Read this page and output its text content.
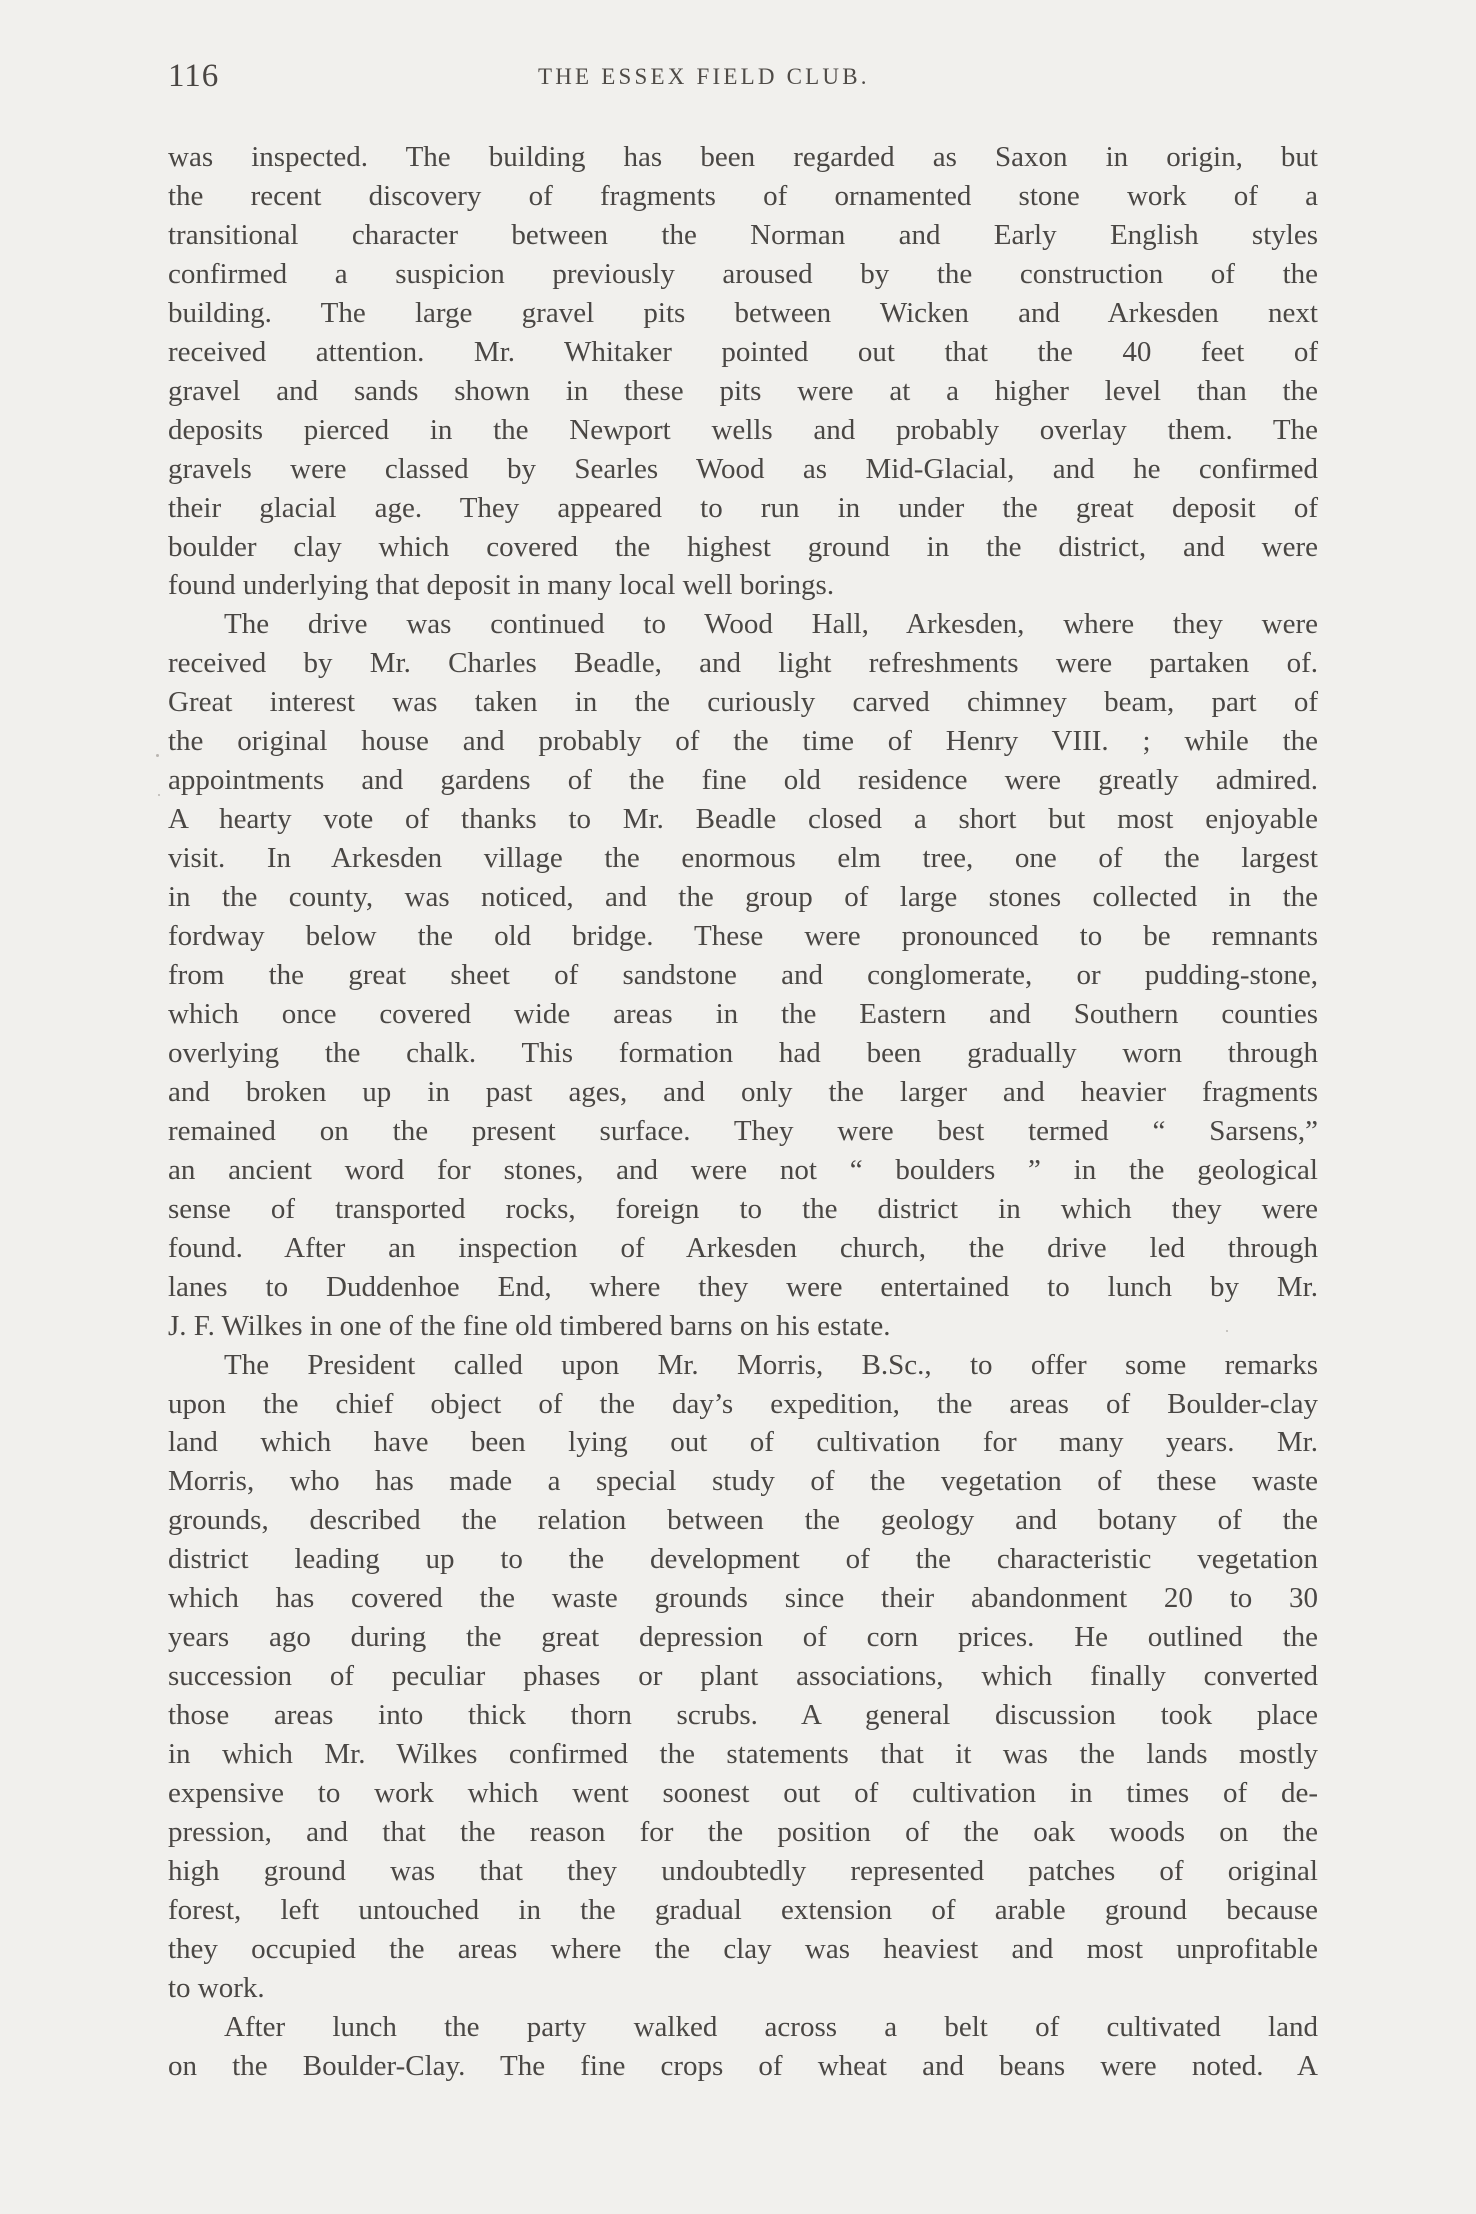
116	THE ESSEX FIELD CLUB.

was inspected. The building has been regarded as Saxon in origin, but
the recent discovery of fragments of ornamented stone work of a
transitional character between the Norman and Early English styles
confirmed a suspicion previously aroused by the construction of the
building. The large gravel pits between Wicken and Arkesden next
received attention. Mr. Whitaker pointed out that the 40 feet of
gravel and sands shown in these pits were at a higher level than the
deposits pierced in the Newport wells and probably overlay them. The
gravels were classed by Searles Wood as Mid-Glacial, and he confirmed
their glacial age. They appeared to run in under the great deposit of
boulder clay which covered the highest ground in the district, and were
found underlying that deposit in many local well borings.

The drive was continued to Wood Hall, Arkesden, where they were
received by Mr. Charles Beadle, and light refreshments were partaken of.
Great interest was taken in the curiously carved chimney beam, part of
the original house and probably of the time of Henry VIII. ; while the
appointments and gardens of the fine old residence were greatly admired.
A hearty vote of thanks to Mr. Beadle closed a short but most enjoyable
visit. In Arkesden village the enormous elm tree, one of the largest
in the county, was noticed, and the group of large stones collected in the
fordway below the old bridge. These were pronounced to be remnants
from the great sheet of sandstone and conglomerate, or pudding-stone,
which once covered wide areas in the Eastern and Southern counties
overlying the chalk. This formation had been gradually worn through
and broken up in past ages, and only the larger and heavier fragments
remained on the present surface. They were best termed “ Sarsens,”
an ancient word for stones, and were not “ boulders ” in the geological
sense of transported rocks, foreign to the district in which they were
found. After an inspection of Arkesden church, the drive led through
lanes to Duddenhoe End, where they were entertained to lunch by Mr.
J. F. Wilkes in one of the fine old timbered barns on his estate.

The President called upon Mr. Morris, B.Sc., to offer some remarks
upon the chief object of the day’s expedition, the areas of Boulder-clay
land which have been lying out of cultivation for many years. Mr.
Morris, who has made a special study of the vegetation of these waste
grounds, described the relation between the geology and botany of the
district leading up to the development of the characteristic vegetation
which has covered the waste grounds since their abandonment 20 to 30
years ago during the great depression of corn prices. He outlined the
succession of peculiar phases or plant associations, which finally converted
those areas into thick thorn scrubs. A general discussion took place
in which Mr. Wilkes confirmed the statements that it was the lands mostly
expensive to work which went soonest out of cultivation in times of de-
pression, and that the reason for the position of the oak woods on the
high ground was that they undoubtedly represented patches of original
forest, left untouched in the gradual extension of arable ground because
they occupied the areas where the clay was heaviest and most unprofitable
to work.

After lunch the party walked across a belt of cultivated land
on the Boulder-Clay. The fine crops of wheat and beans were noted. A
